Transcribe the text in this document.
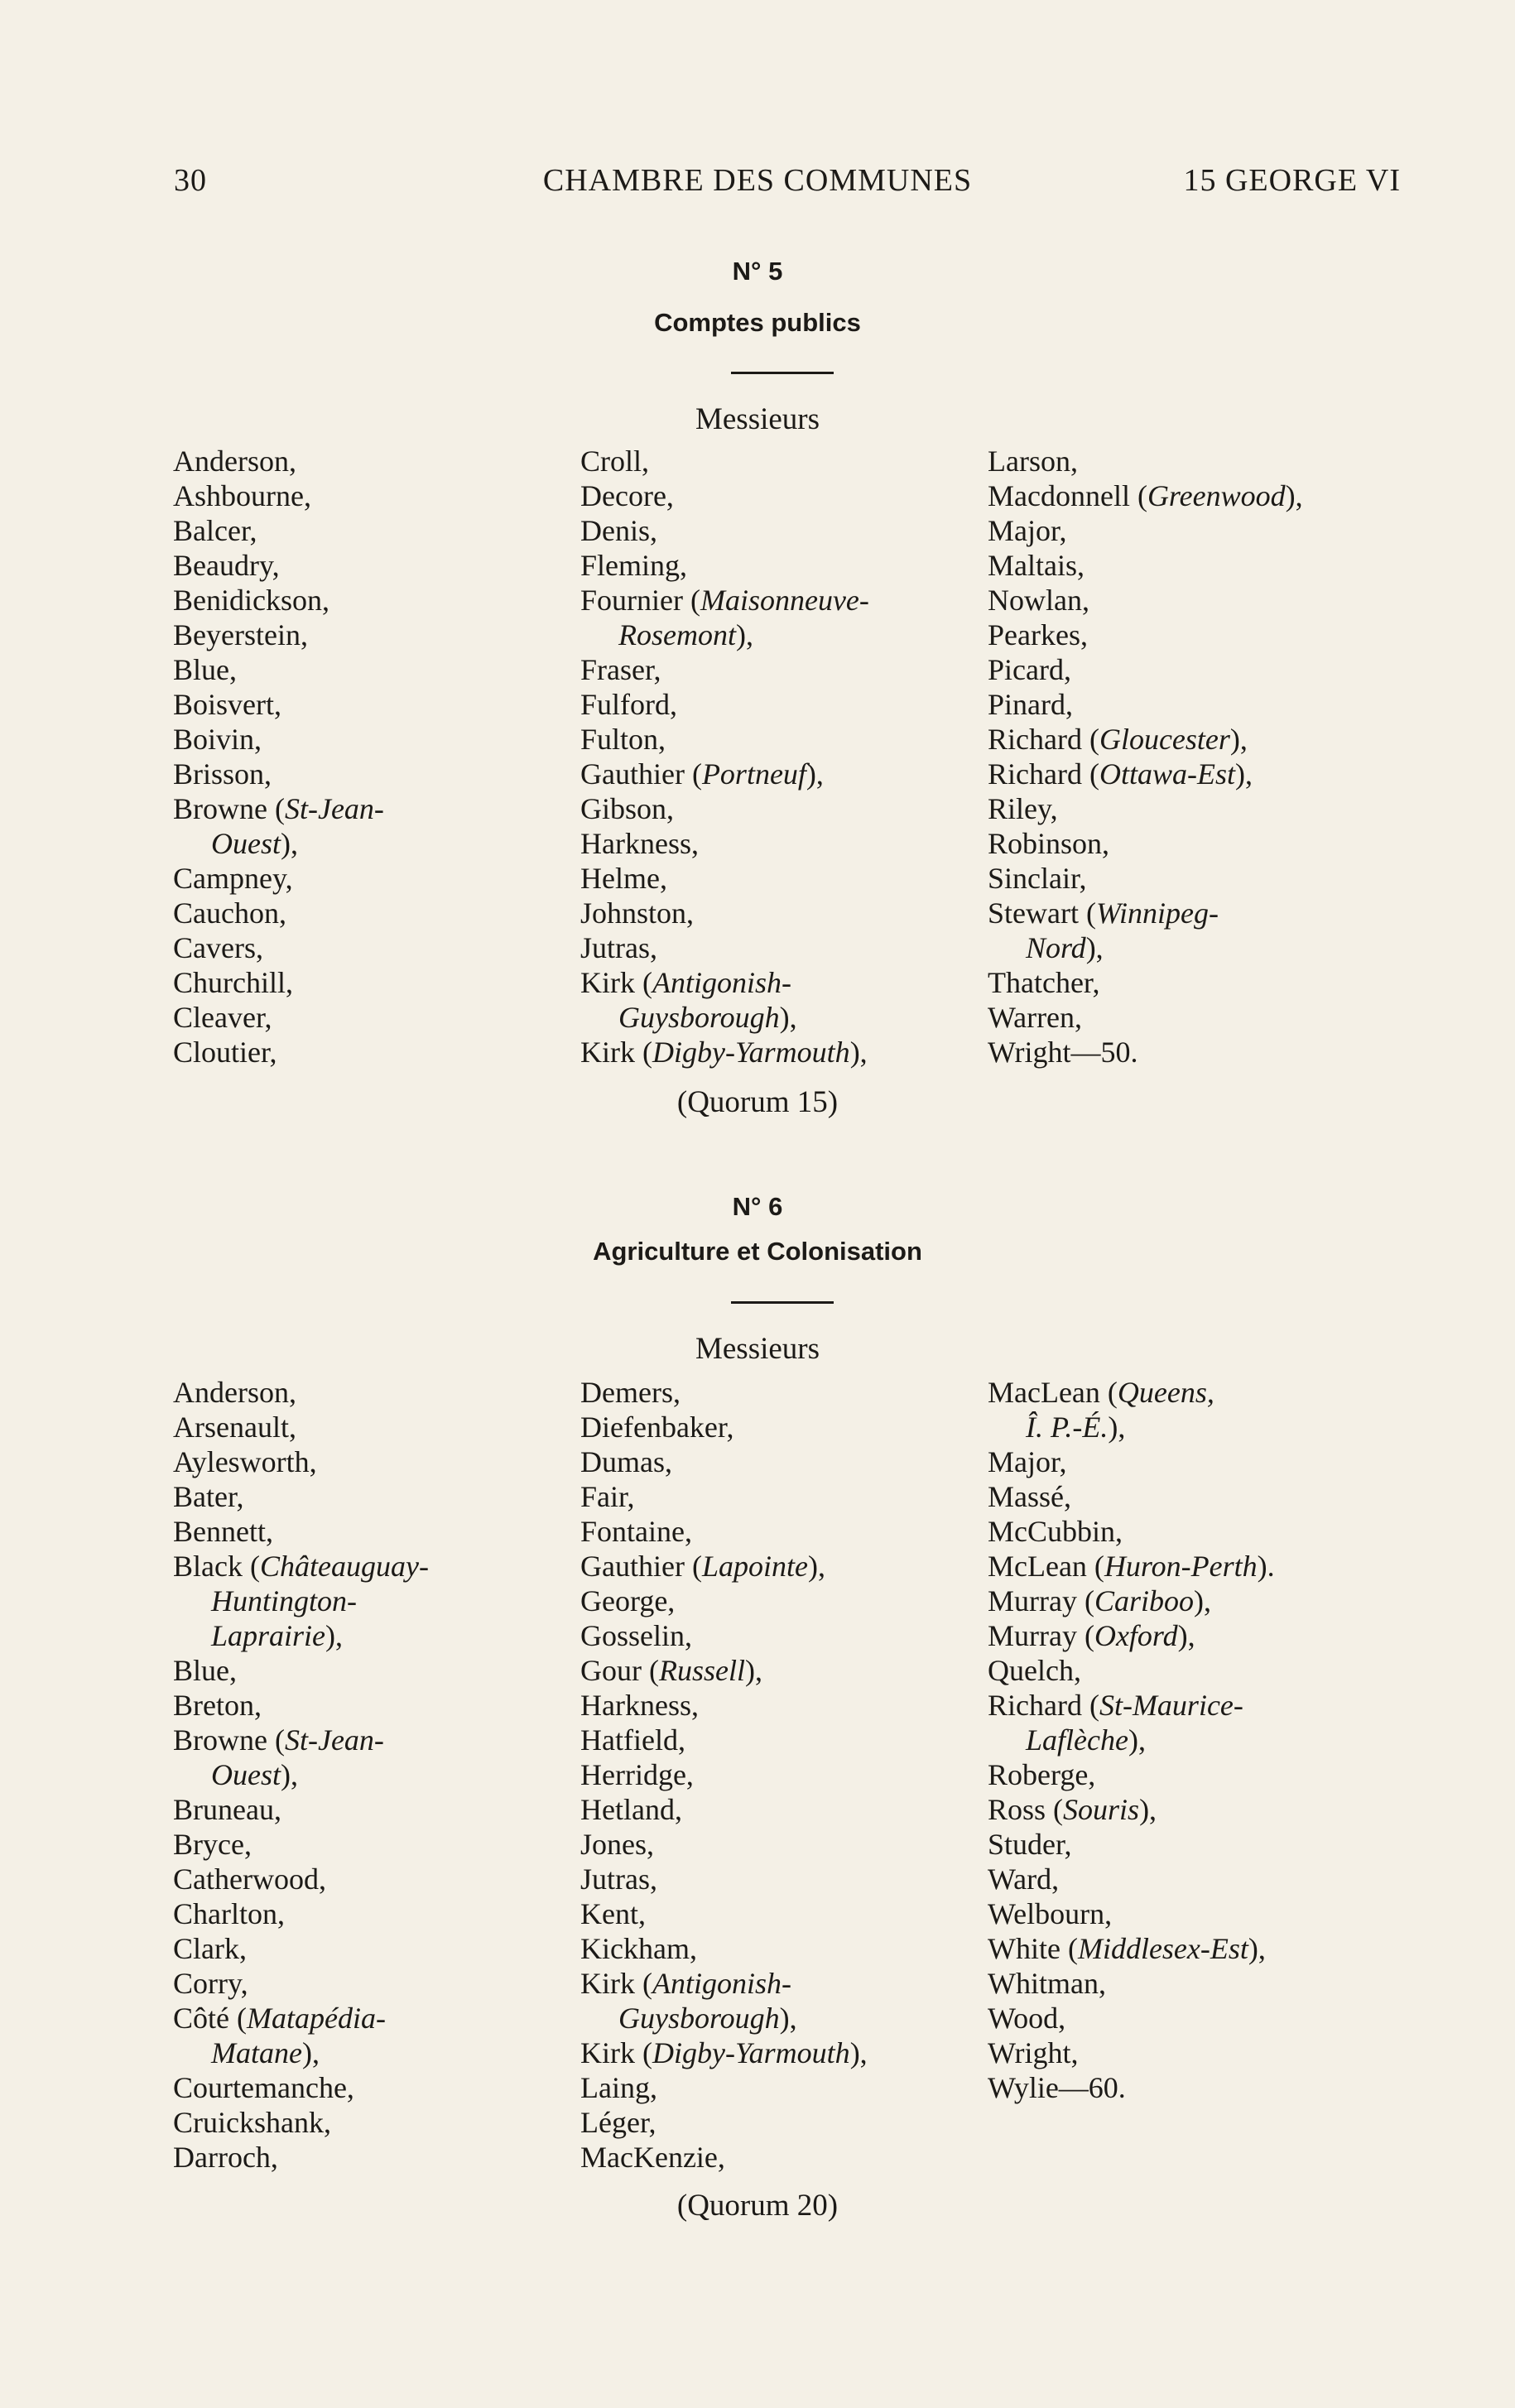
30	CHAMBRE DES COMMUNES	15 GEORGE VI
N° 5
Comptes publics
Messieurs
Anderson,
Ashbourne,
Balcer,
Beaudry,
Benidickson,
Beyerstein,
Blue,
Boisvert,
Boivin,
Brisson,
Browne (St-Jean-
Ouest),
Campney,
Cauchon,
Cavers,
Churchill,
Cleaver,
Cloutier,
Croll,
Decore,
Denis,
Fleming,
Fournier (Maisonneuve-
Rosemont),
Fraser,
Fulford,
Fulton,
Gauthier (Portneuf),
Gibson,
Harkness,
Helme,
Johnston,
Jutras,
Kirk (Antigonish-
Guysborough),
Kirk (Digby-Yarmouth),
Larson,
Macdonnell (Greenwood),
Major,
Maltais,
Nowlan,
Pearkes,
Picard,
Pinard,
Richard (Gloucester),
Richard (Ottawa-Est),
Riley,
Robinson,
Sinclair,
Stewart (Winnipeg-
Nord),
Thatcher,
Warren,
Wright—50.
(Quorum 15)
N° 6
Agriculture et Colonisation
Messieurs
Anderson,
Arsenault,
Aylesworth,
Bater,
Bennett,
Black (Châteauguay-
Huntington-
Laprairie),
Blue,
Breton,
Browne (St-Jean-
Ouest),
Bruneau,
Bryce,
Catherwood,
Charlton,
Clark,
Corry,
Côté (Matapédia-
Matane),
Courtemanche,
Cruickshank,
Darroch,
Demers,
Diefenbaker,
Dumas,
Fair,
Fontaine,
Gauthier (Lapointe),
George,
Gosselin,
Gour (Russell),
Harkness,
Hatfield,
Herridge,
Hetland,
Jones,
Jutras,
Kent,
Kickham,
Kirk (Antigonish-
Guysborough),
Kirk (Digby-Yarmouth),
Laing,
Léger,
MacKenzie,
MacLean (Queens,
Î. P.-É.),
Major,
Massé,
McCubbin,
McLean (Huron-Perth).
Murray (Cariboo),
Murray (Oxford),
Quelch,
Richard (St-Maurice-
Laflèche),
Roberge,
Ross (Souris),
Studer,
Ward,
Welbourn,
White (Middlesex-Est),
Whitman,
Wood,
Wright,
Wylie—60.
(Quorum 20)
